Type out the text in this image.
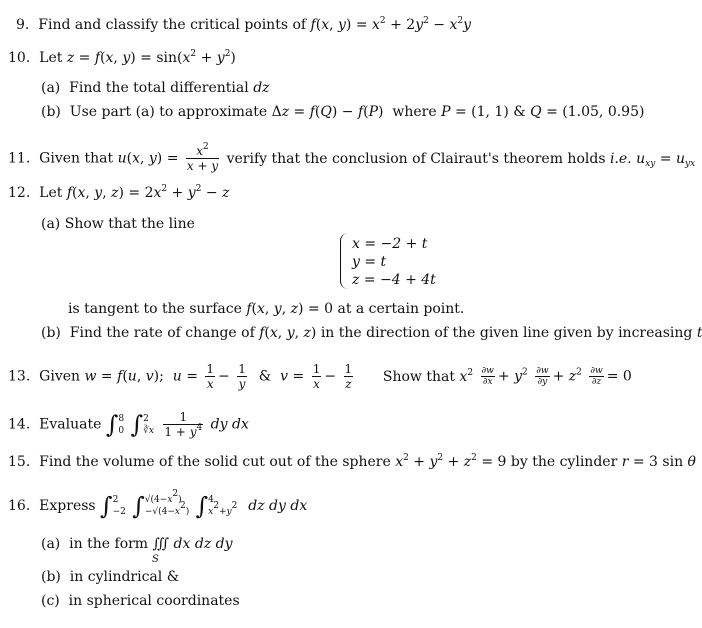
9.  Find and classify the critical points of f(x, $y) = x^2 + 2y^2 - x^2y$
10.  Let z = f(x, $y) = \sin(x^2 + y^2)$
(a)  Find the total differential dz
(b)  Use part (a) to approximate Δz = f(Q) − f(P)  where P = (1, 1) & Q = (1.05, 0.95)
11.  Given that u(x, $y) = \frac{x^2}{x + y}$ verify that the conclusion of Clairaut's theorem holds i.e. $u_{xy} = u_{yx}$
12.  Let f(x, y, $z) = 2x^2 + y^2 - z$
(a) Show that the line
x = −2 + t
y = t
z = −4 + 4t
is tangent to the surface f(x, y, z) = 0 at a certain point.
(b)  Find the rate of change of f(x, y, z) in the direction of the given line given by increasing t
13.  Given w = f(u, v);  $u = \frac{1}{x} - \frac{1}{y}$ &  $v = \frac{1}{x} - \frac{1}{z}$ Show that $x^2 \frac{\partial w}{\partial x} + y^2 \frac{\partial w}{\partial y} + z^2 \frac{\partial w}{\partial z} = 0$
14.  Evaluate ∫ 8
0 ∫ 2
∛x
$\frac{1}{1 + y^4}$ dy dx
15.  Find the volume of the solid cut out of the sphere $x^2 + y^2 + z^2 = 9$ by the cylinder r = 3 sin θ
16.  Express ∫ 2
−2 ∫ $√(4-x^2)$
$-√(4-x^2)$ ∫ 4
$x^2+y^2$ dz dy dx
(a)  in the form ∭ dx dz dy
S
(b)  in cylindrical &
(c)  in spherical coordinates
